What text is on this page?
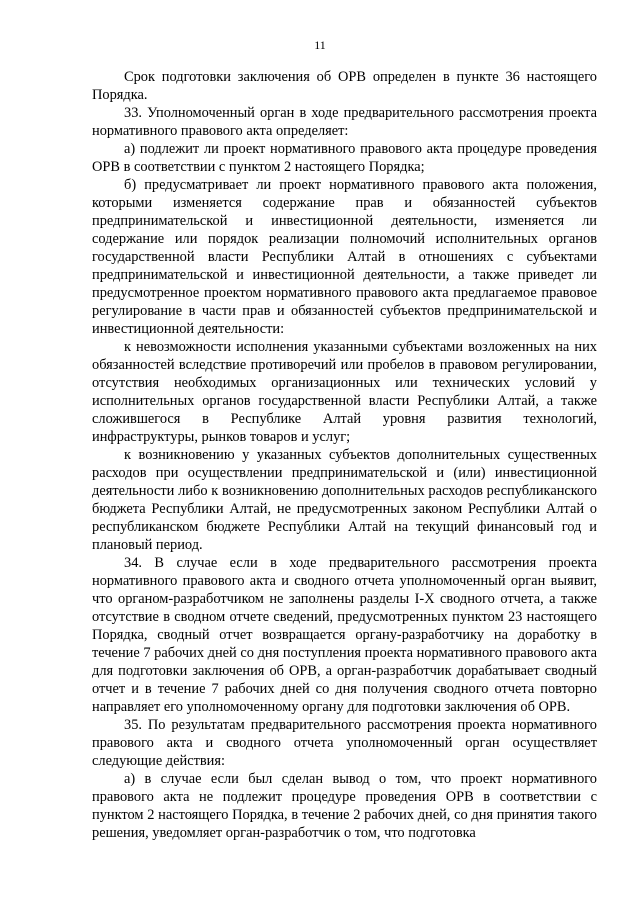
11

Срок подготовки заключения об ОРВ определен в пункте 36 настоящего Порядка.

33. Уполномоченный орган в ходе предварительного рассмотрения проекта нормативного правового акта определяет:

а) подлежит ли проект нормативного правового акта процедуре проведения ОРВ в соответствии с пунктом 2 настоящего Порядка;

б) предусматривает ли проект нормативного правового акта положения, которыми изменяется содержание прав и обязанностей субъектов предпринимательской и инвестиционной деятельности, изменяется ли содержание или порядок реализации полномочий исполнительных органов государственной власти Республики Алтай в отношениях с субъектами предпринимательской и инвестиционной деятельности, а также приведет ли предусмотренное проектом нормативного правового акта предлагаемое правовое регулирование в части прав и обязанностей субъектов предпринимательской и инвестиционной деятельности:

к невозможности исполнения указанными субъектами возложенных на них обязанностей вследствие противоречий или пробелов в правовом регулировании, отсутствия необходимых организационных или технических условий у исполнительных органов государственной власти Республики Алтай, а также сложившегося в Республике Алтай уровня развития технологий, инфраструктуры, рынков товаров и услуг;

к возникновению у указанных субъектов дополнительных существенных расходов при осуществлении предпринимательской и (или) инвестиционной деятельности либо к возникновению дополнительных расходов республиканского бюджета Республики Алтай, не предусмотренных законом Республики Алтай о республиканском бюджете Республики Алтай на текущий финансовый год и плановый период.

34. В случае если в ходе предварительного рассмотрения проекта нормативного правового акта и сводного отчета уполномоченный орган выявит, что органом-разработчиком не заполнены разделы I-X сводного отчета, а также отсутствие в сводном отчете сведений, предусмотренных пунктом 23 настоящего Порядка, сводный отчет возвращается органу-разработчику на доработку в течение 7 рабочих дней со дня поступления проекта нормативного правового акта для подготовки заключения об ОРВ, а орган-разработчик дорабатывает сводный отчет и в течение 7 рабочих дней со дня получения сводного отчета повторно направляет его уполномоченному органу для подготовки заключения об ОРВ.

35. По результатам предварительного рассмотрения проекта нормативного правового акта и сводного отчета уполномоченный орган осуществляет следующие действия:

а) в случае если был сделан вывод о том, что проект нормативного правового акта не подлежит процедуре проведения ОРВ в соответствии с пунктом 2 настоящего Порядка, в течение 2 рабочих дней, со дня принятия такого решения, уведомляет орган-разработчик о том, что подготовка
